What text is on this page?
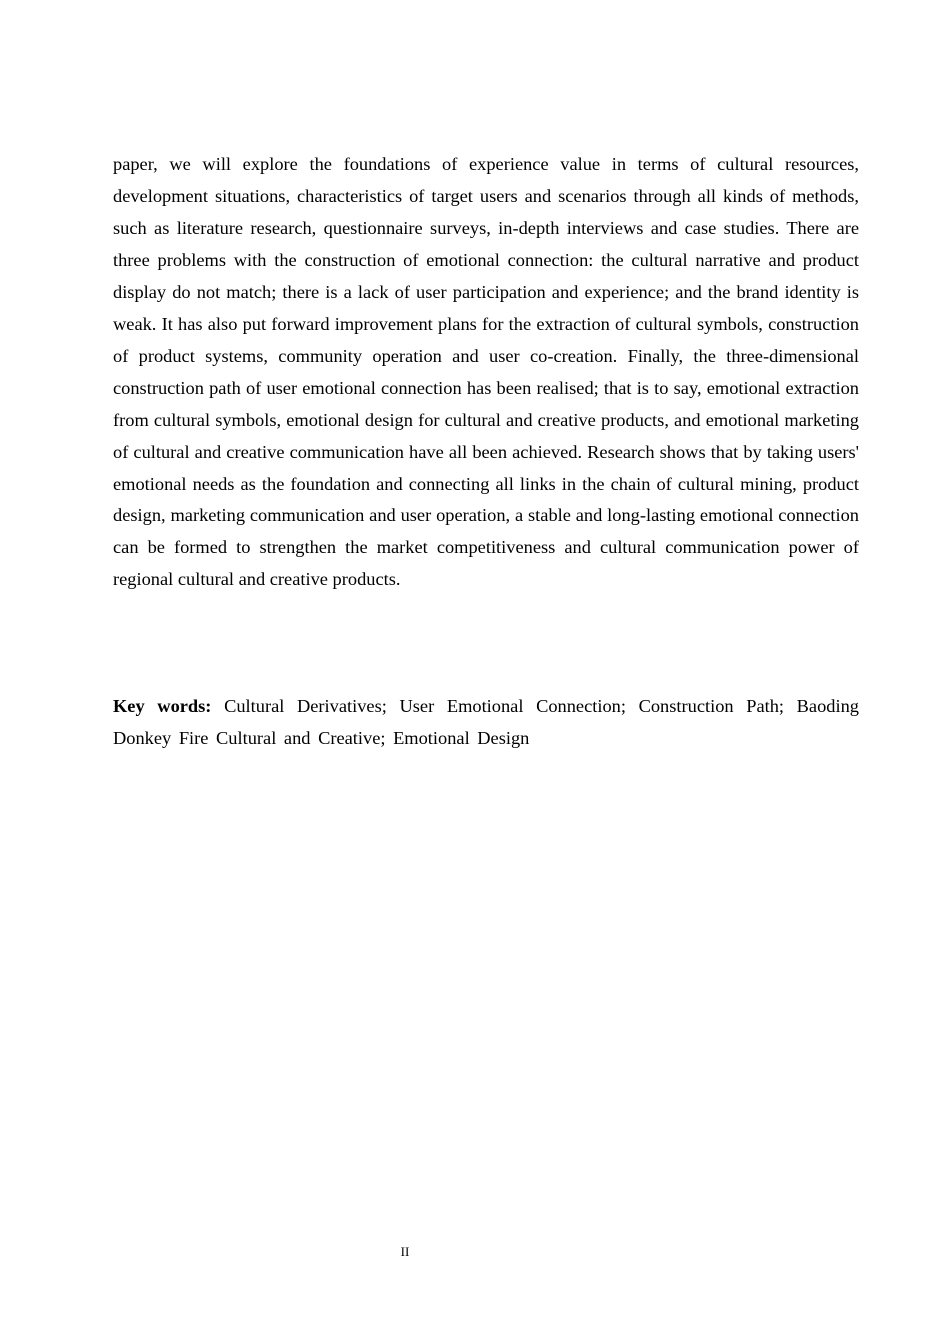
paper, we will explore the foundations of experience value in terms of cultural resources, development situations, characteristics of target users and scenarios through all kinds of methods, such as literature research, questionnaire surveys, in-depth interviews and case studies. There are three problems with the construction of emotional connection: the cultural narrative and product display do not match; there is a lack of user participation and experience; and the brand identity is weak. It has also put forward improvement plans for the extraction of cultural symbols, construction of product systems, community operation and user co-creation. Finally, the three-dimensional construction path of user emotional connection has been realised; that is to say, emotional extraction from cultural symbols, emotional design for cultural and creative products, and emotional marketing of cultural and creative communication have all been achieved. Research shows that by taking users' emotional needs as the foundation and connecting all links in the chain of cultural mining, product design, marketing communication and user operation, a stable and long-lasting emotional connection can be formed to strengthen the market competitiveness and cultural communication power of regional cultural and creative products.

Key words: Cultural Derivatives; User Emotional Connection; Construction Path; Baoding Donkey Fire Cultural and Creative; Emotional Design

II
